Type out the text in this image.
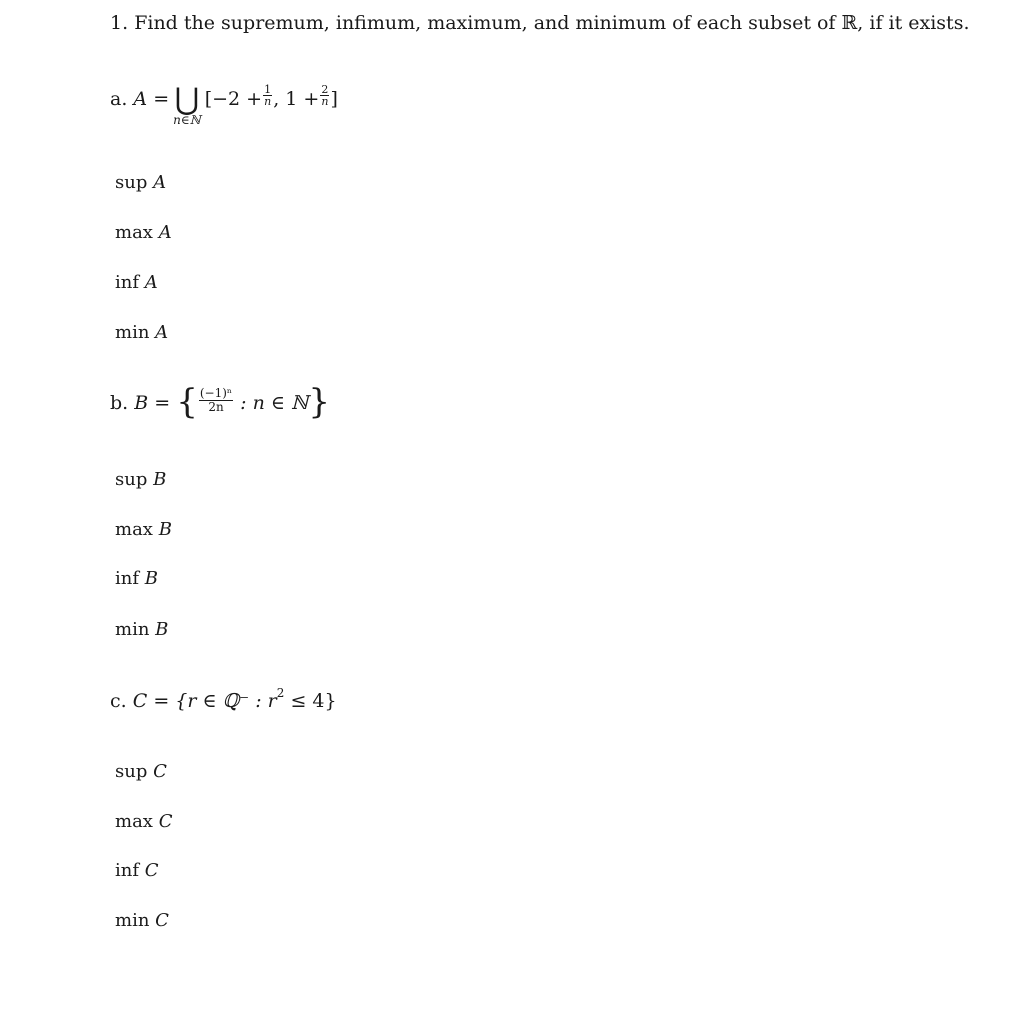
1. Find the supremum, infimum, maximum, and minimum of each subset of ℝ, if it exists.
a.
A
= ⋃
n∈ℕ
[$-2 + \frac{1}{n}$ , $1 + \frac{2}{n}$ ]
sup A
max A
inf A
min A
b.
B
=
{ $\frac{\text{(−1)ⁿ}}{2n}$
: n ∈ ℕ }
sup B
max B
inf B
min B
c.
C
=
{r ∈ ℚ⁻ : r 2
≤ 4}
sup C
max C
inf C
min C
